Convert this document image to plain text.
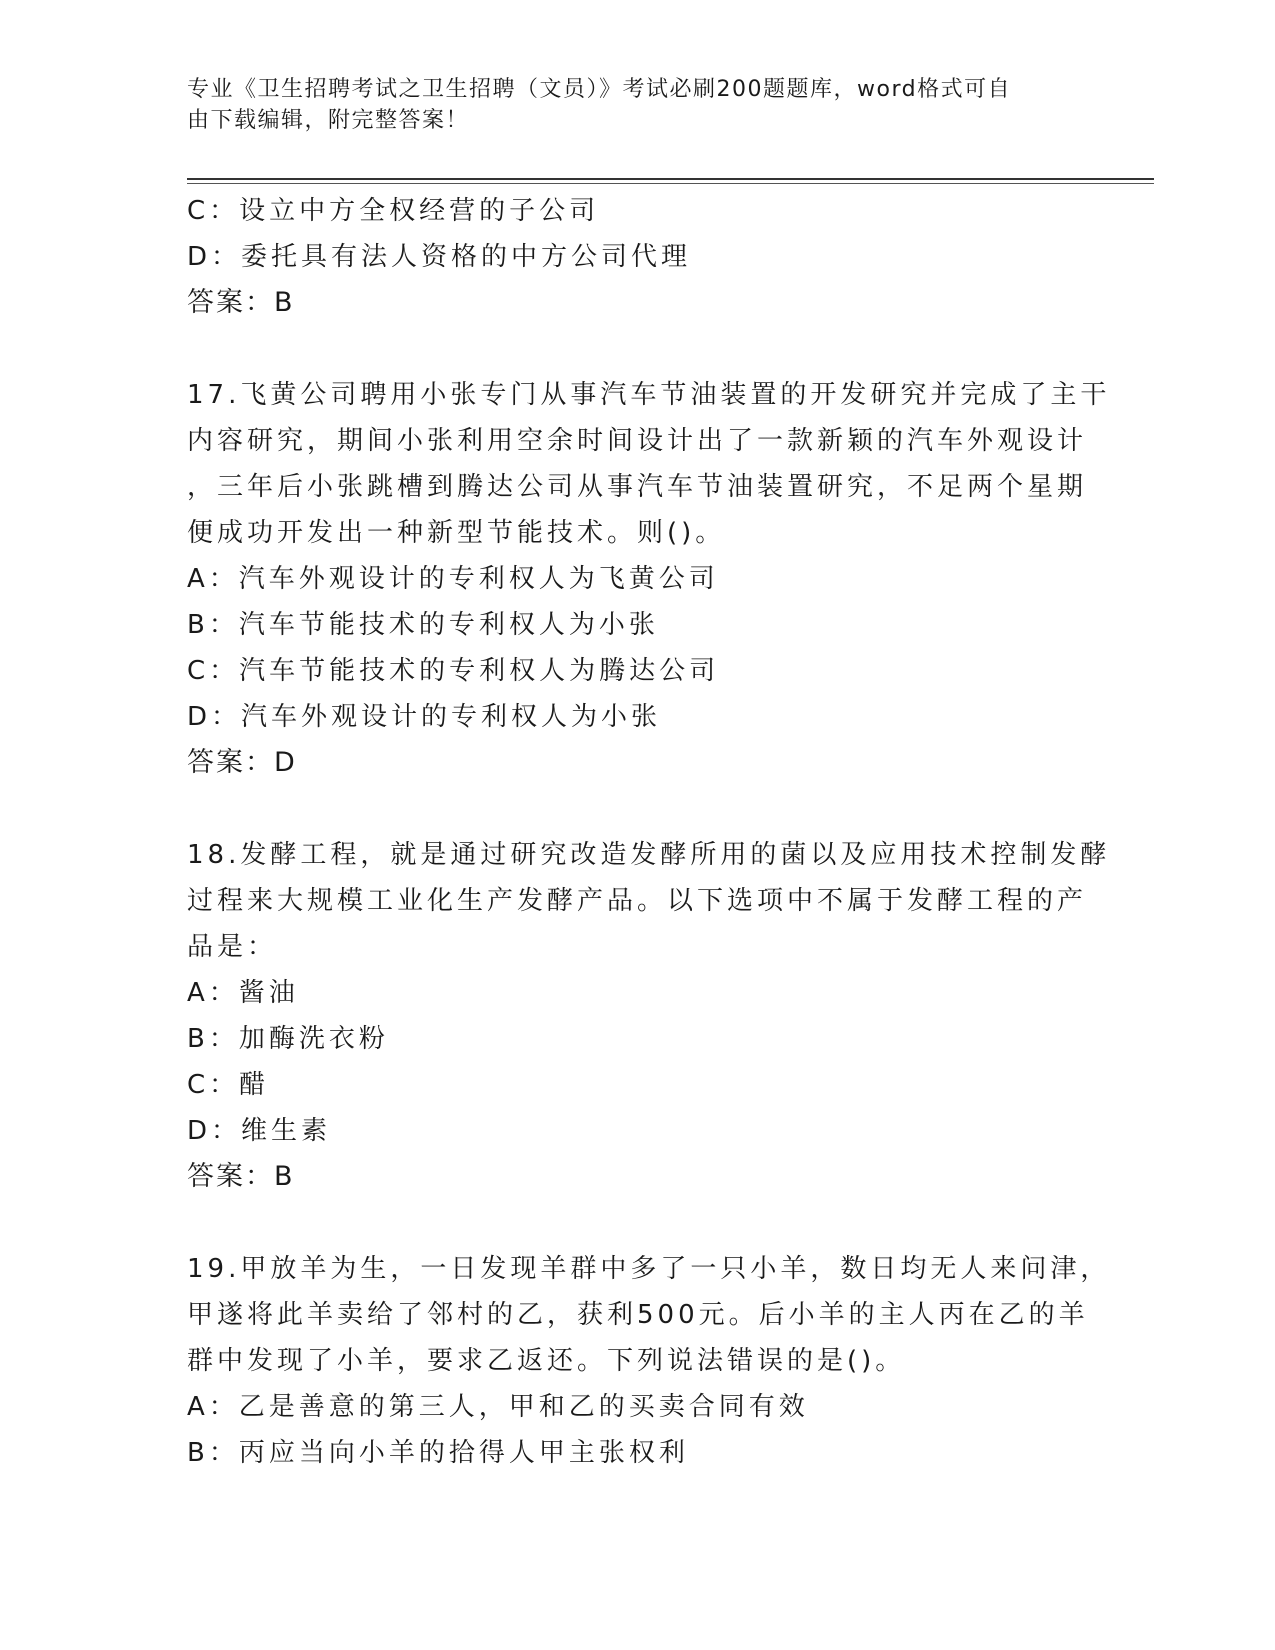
专业《卫生招聘考试之卫生招聘（文员）》考试必刷200题题库，word格式可自
由下载编辑，附完整答案！
C：设立中方全权经营的子公司
D：委托具有法人资格的中方公司代理
答案：B
17.飞黄公司聘用小张专门从事汽车节油装置的开发研究并完成了主干
内容研究，期间小张利用空余时间设计出了一款新颖的汽车外观设计
，三年后小张跳槽到腾达公司从事汽车节油装置研究，不足两个星期
便成功开发出一种新型节能技术。则()。
A：汽车外观设计的专利权人为飞黄公司
B：汽车节能技术的专利权人为小张
C：汽车节能技术的专利权人为腾达公司
D：汽车外观设计的专利权人为小张
答案：D
18.发酵工程，就是通过研究改造发酵所用的菌以及应用技术控制发酵
过程来大规模工业化生产发酵产品。以下选项中不属于发酵工程的产
品是：
A：酱油
B：加酶洗衣粉
C：醋
D：维生素
答案：B
19.甲放羊为生，一日发现羊群中多了一只小羊，数日均无人来问津，
甲遂将此羊卖给了邻村的乙，获利500元。后小羊的主人丙在乙的羊
群中发现了小羊，要求乙返还。下列说法错误的是()。
A：乙是善意的第三人，甲和乙的买卖合同有效
B：丙应当向小羊的拾得人甲主张权利
